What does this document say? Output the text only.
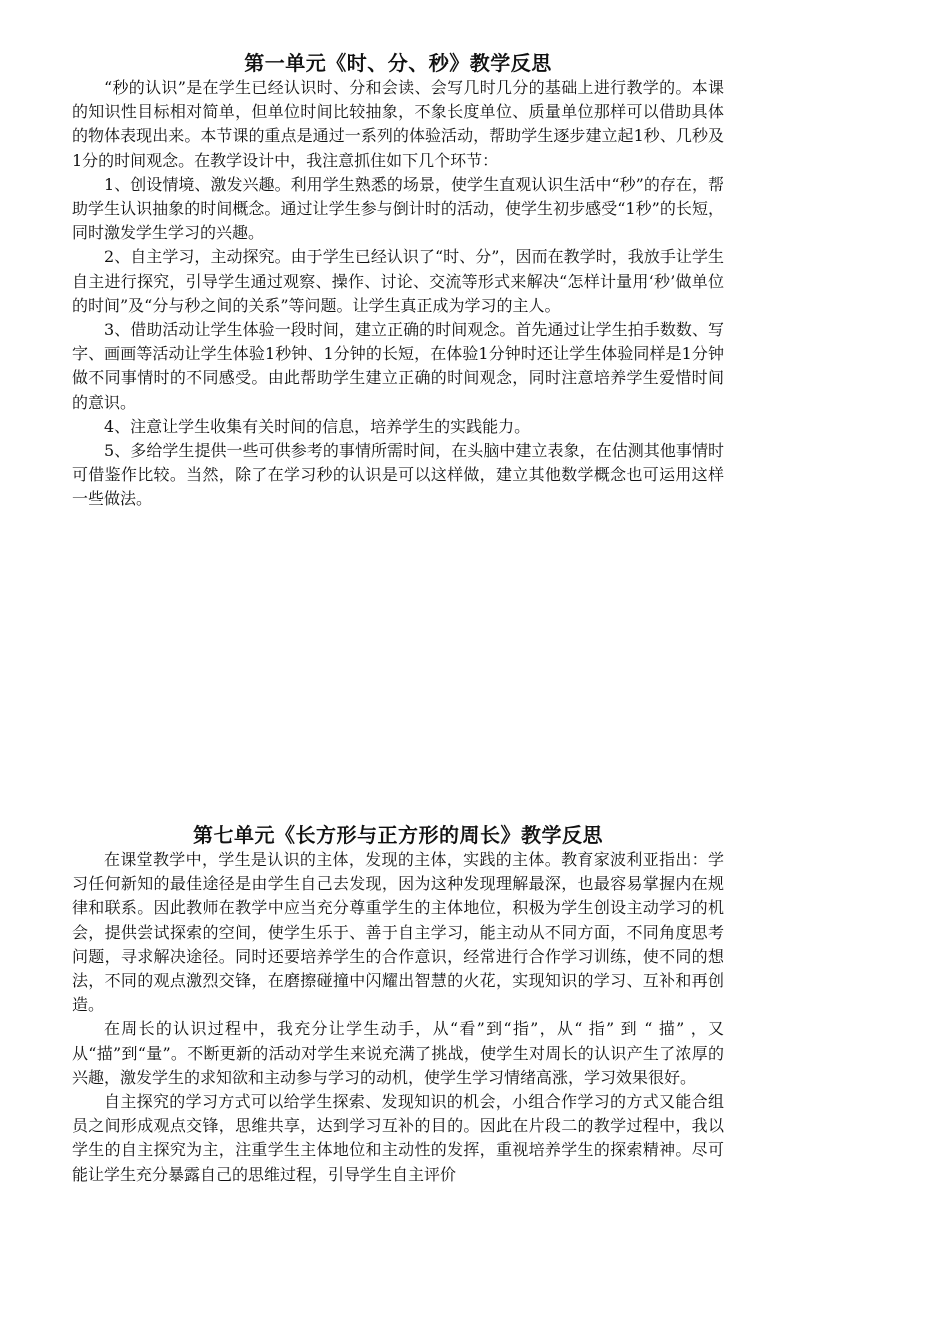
第一单元《时、分、秒》教学反思

“秒的认识”是在学生已经认识时、分和会读、会写几时几分的基础上进行教学的。本课的知识性目标相对简单，但单位时间比较抽象，不象长度单位、质量单位那样可以借助具体的物体表现出来。本节课的重点是通过一系列的体验活动，帮助学生逐步建立起1秒、几秒及1分的时间观念。在教学设计中，我注意抓住如下几个环节：

1、创设情境、激发兴趣。利用学生熟悉的场景，使学生直观认识生活中“秒”的存在，帮助学生认识抽象的时间概念。通过让学生参与倒计时的活动，使学生初步感受“1秒”的长短，同时激发学生学习的兴趣。

2、自主学习，主动探究。由于学生已经认识了“时、分”，因而在教学时，我放手让学生自主进行探究，引导学生通过观察、操作、讨论、交流等形式来解决“怎样计量用‘秒’做单位的时间”及“分与秒之间的关系”等问题。让学生真正成为学习的主人。

3、借助活动让学生体验一段时间，建立正确的时间观念。首先通过让学生拍手数数、写字、画画等活动让学生体验1秒钟、1分钟的长短，在体验1分钟时还让学生体验同样是1分钟做不同事情时的不同感受。由此帮助学生建立正确的时间观念，同时注意培养学生爱惜时间的意识。

4、注意让学生收集有关时间的信息，培养学生的实践能力。

5、多给学生提供一些可供参考的事情所需时间，在头脑中建立表象，在估测其他事情时可借鉴作比较。当然，除了在学习秒的认识是可以这样做，建立其他数学概念也可运用这样一些做法。

第七单元《长方形与正方形的周长》教学反思

在课堂教学中，学生是认识的主体，发现的主体，实践的主体。教育家波利亚指出：学习任何新知的最佳途径是由学生自己去发现，因为这种发现理解最深，也最容易掌握内在规律和联系。因此教师在教学中应当充分尊重学生的主体地位，积极为学生创设主动学习的机会，提供尝试探索的空间，使学生乐于、善于自主学习，能主动从不同方面，不同角度思考问题，寻求解决途径。同时还要培养学生的合作意识，经常进行合作学习训练，使不同的想法，不同的观点激烈交锋，在磨擦碰撞中闪耀出智慧的火花，实现知识的学习、互补和再创造。

在周长的认识过程中，我充分让学生动手，从“看”到“指”，从“ 指” 到 “ 描” ，又从“描”到“量”。不断更新的活动对学生来说充满了挑战，使学生对周长的认识产生了浓厚的兴趣，激发学生的求知欲和主动参与学习的动机，使学生学习情绪高涨，学习效果很好。

自主探究的学习方式可以给学生探索、发现知识的机会，小组合作学习的方式又能合组员之间形成观点交锋，思维共享，达到学习互补的目的。因此在片段二的教学过程中，我以学生的自主探究为主，注重学生主体地位和主动性的发挥，重视培养学生的探索精神。尽可能让学生充分暴露自己的思维过程，引导学生自主评价
